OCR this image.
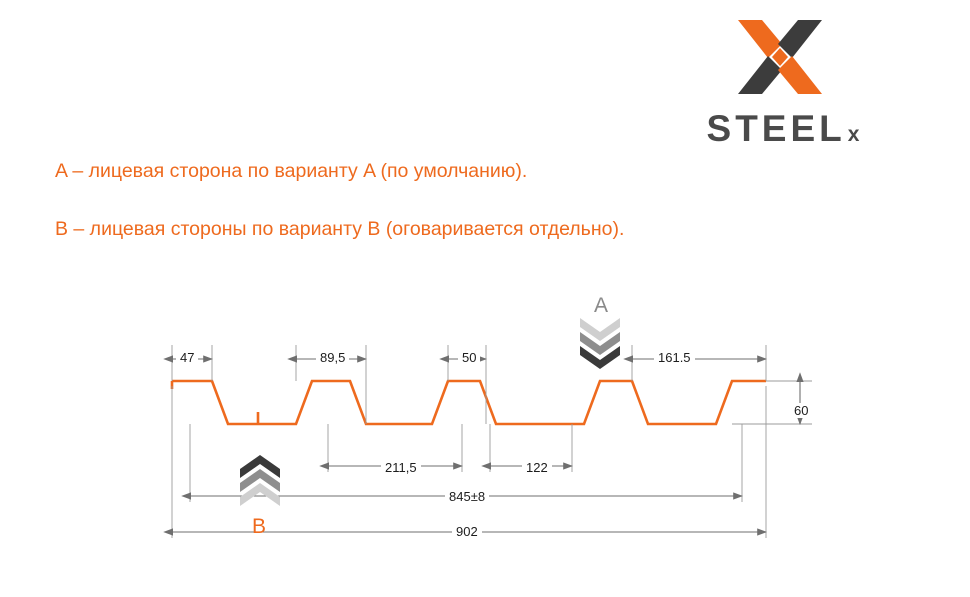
STEEL x
A – лицевая сторона по варианту A (по умолчанию).
B – лицевая стороны по варианту B (оговаривается отдельно).
47	89,5	50	161.5
60
211,5	122
845±8
902
A
B
